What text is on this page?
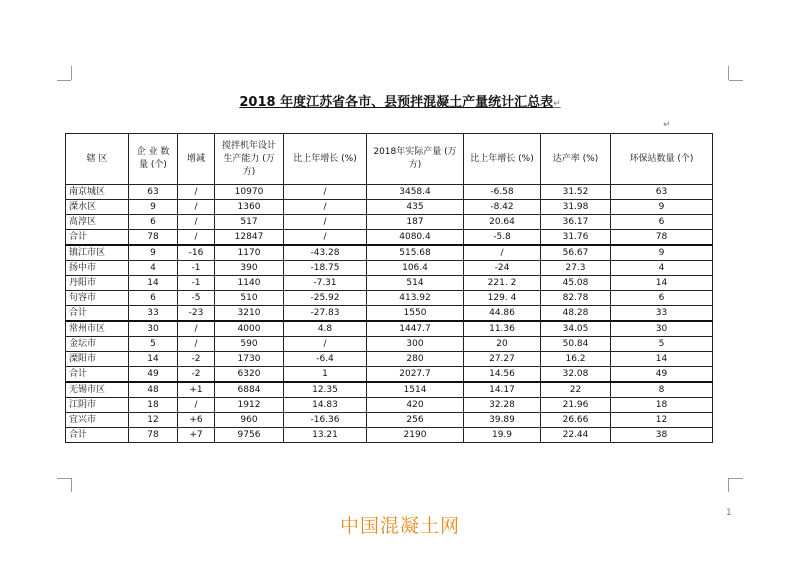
2018 年度江苏省各市、县预拌混凝土产量统计汇总表↵
↵
辖 区	企 业 数 量 (个)	增减	搅拌机年设计生产能力 (万方)	比上年增长 (%)	2018年实际产量 (万方)	比上年增长 (%)	达产率 (%)	环保站数量 (个)
南京城区	63	/	10970	/	3458.4	-6.58	31.52	63
溧水区	9	/	1360	/	435	-8.42	31.98	9
高淳区	6	/	517	/	187	20.64	36.17	6
合计	78	/	12847	/	4080.4	-5.8	31.76	78
镇江市区	9	-16	1170	-43.28	515.68	/	56.67	9
扬中市	4	-1	390	-18.75	106.4	-24	27.3	4
丹阳市	14	-1	1140	-7.31	514	221. 2	45.08	14
句容市	6	-5	510	-25.92	413.92	129. 4	82.78	6
合计	33	-23	3210	-27.83	1550	44.86	48.28	33
常州市区	30	/	4000	4.8	1447.7	11.36	34.05	30
金坛市	5	/	590	/	300	20	50.84	5
溧阳市	14	-2	1730	-6.4	280	27.27	16.2	14
合计	49	-2	6320	1	2027.7	14.56	32.08	49
无锡市区	48	+1	6884	12.35	1514	14.17	22	8
江阴市	18	/	1912	14.83	420	32.28	21.96	18
宜兴市	12	+6	960	-16.36	256	39.89	26.66	12
合计	78	+7	9756	13.21	2190	19.9	22.44	38
中国混凝土网
1
